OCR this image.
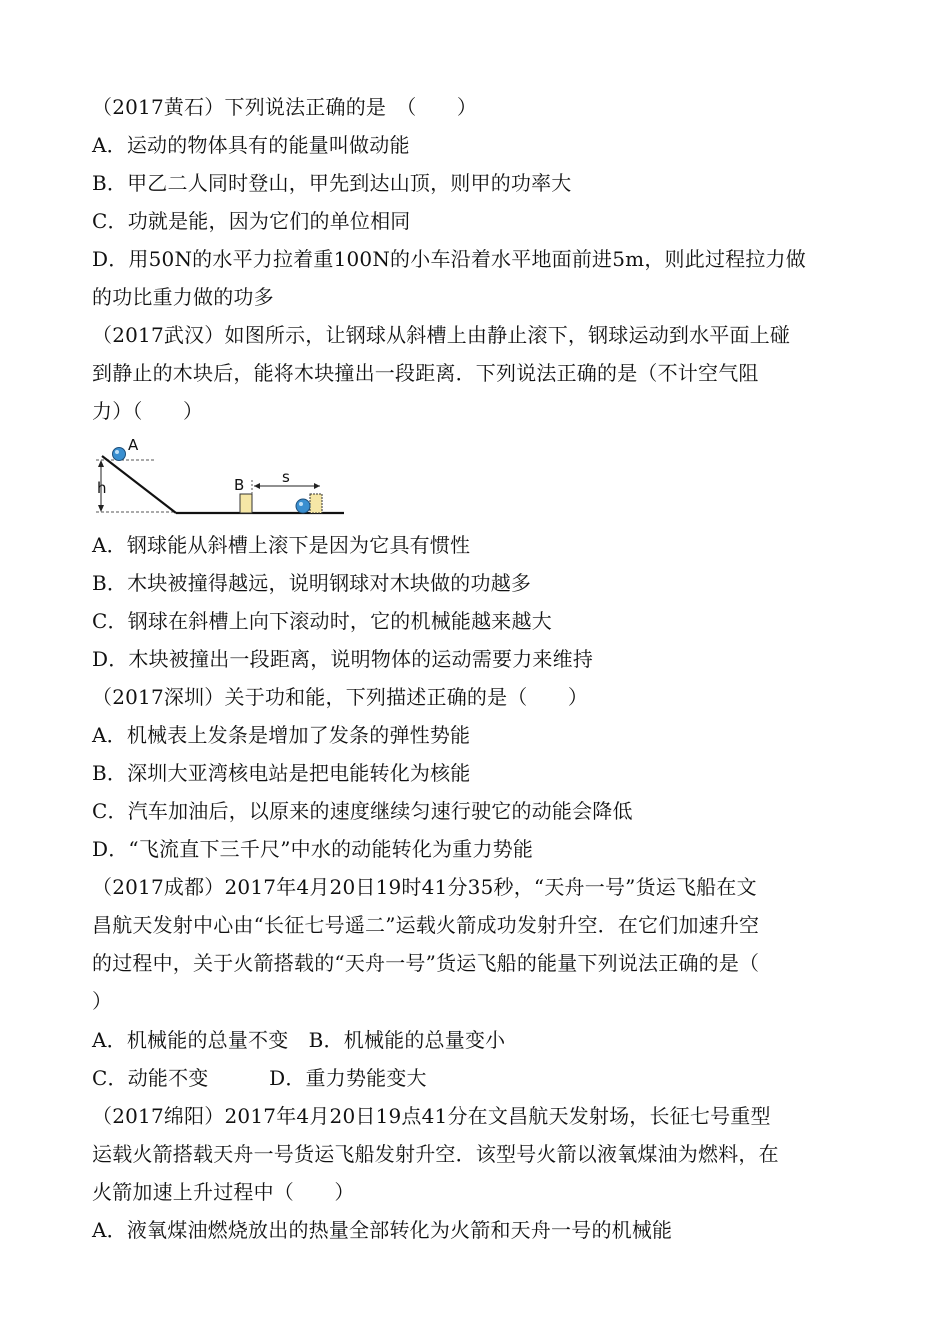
（2017黄石）下列说法正确的是　（　　）
A．运动的物体具有的能量叫做动能
B．甲乙二人同时登山，甲先到达山顶，则甲的功率大
C．功就是能，因为它们的单位相同
D．用50N的水平力拉着重100N的小车沿着水平地面前进5m，则此过程拉力做
的功比重力做的功多
（2017武汉）如图所示，让钢球从斜槽上由静止滚下，钢球运动到水平面上碰
到静止的木块后，能将木块撞出一段距离．下列说法正确的是（不计空气阻
力）（　　）
h
A
B	s
A．钢球能从斜槽上滚下是因为它具有惯性
B．木块被撞得越远，说明钢球对木块做的功越多
C．钢球在斜槽上向下滚动时，它的机械能越来越大
D．木块被撞出一段距离，说明物体的运动需要力来维持
（2017深圳）关于功和能，下列描述正确的是（　　）
A．机械表上发条是增加了发条的弹性势能
B．深圳大亚湾核电站是把电能转化为核能
C．汽车加油后，以原来的速度继续匀速行驶它的动能会降低
D．“飞流直下三千尺”中水的动能转化为重力势能
（2017成都）2017年4月20日19时41分35秒，“天舟一号”货运飞船在文
昌航天发射中心由“长征七号遥二”运载火箭成功发射升空．在它们加速升空
的过程中，关于火箭搭载的“天舟一号”货运飞船的能量下列说法正确的是（
）
A．机械能的总量不变　B．机械能的总量变小
C．动能不变　　　D．重力势能变大
（2017绵阳）2017年4月20日19点41分在文昌航天发射场，长征七号重型
运载火箭搭载天舟一号货运飞船发射升空．该型号火箭以液氧煤油为燃料，在
火箭加速上升过程中（　　）
A．液氧煤油燃烧放出的热量全部转化为火箭和天舟一号的机械能
